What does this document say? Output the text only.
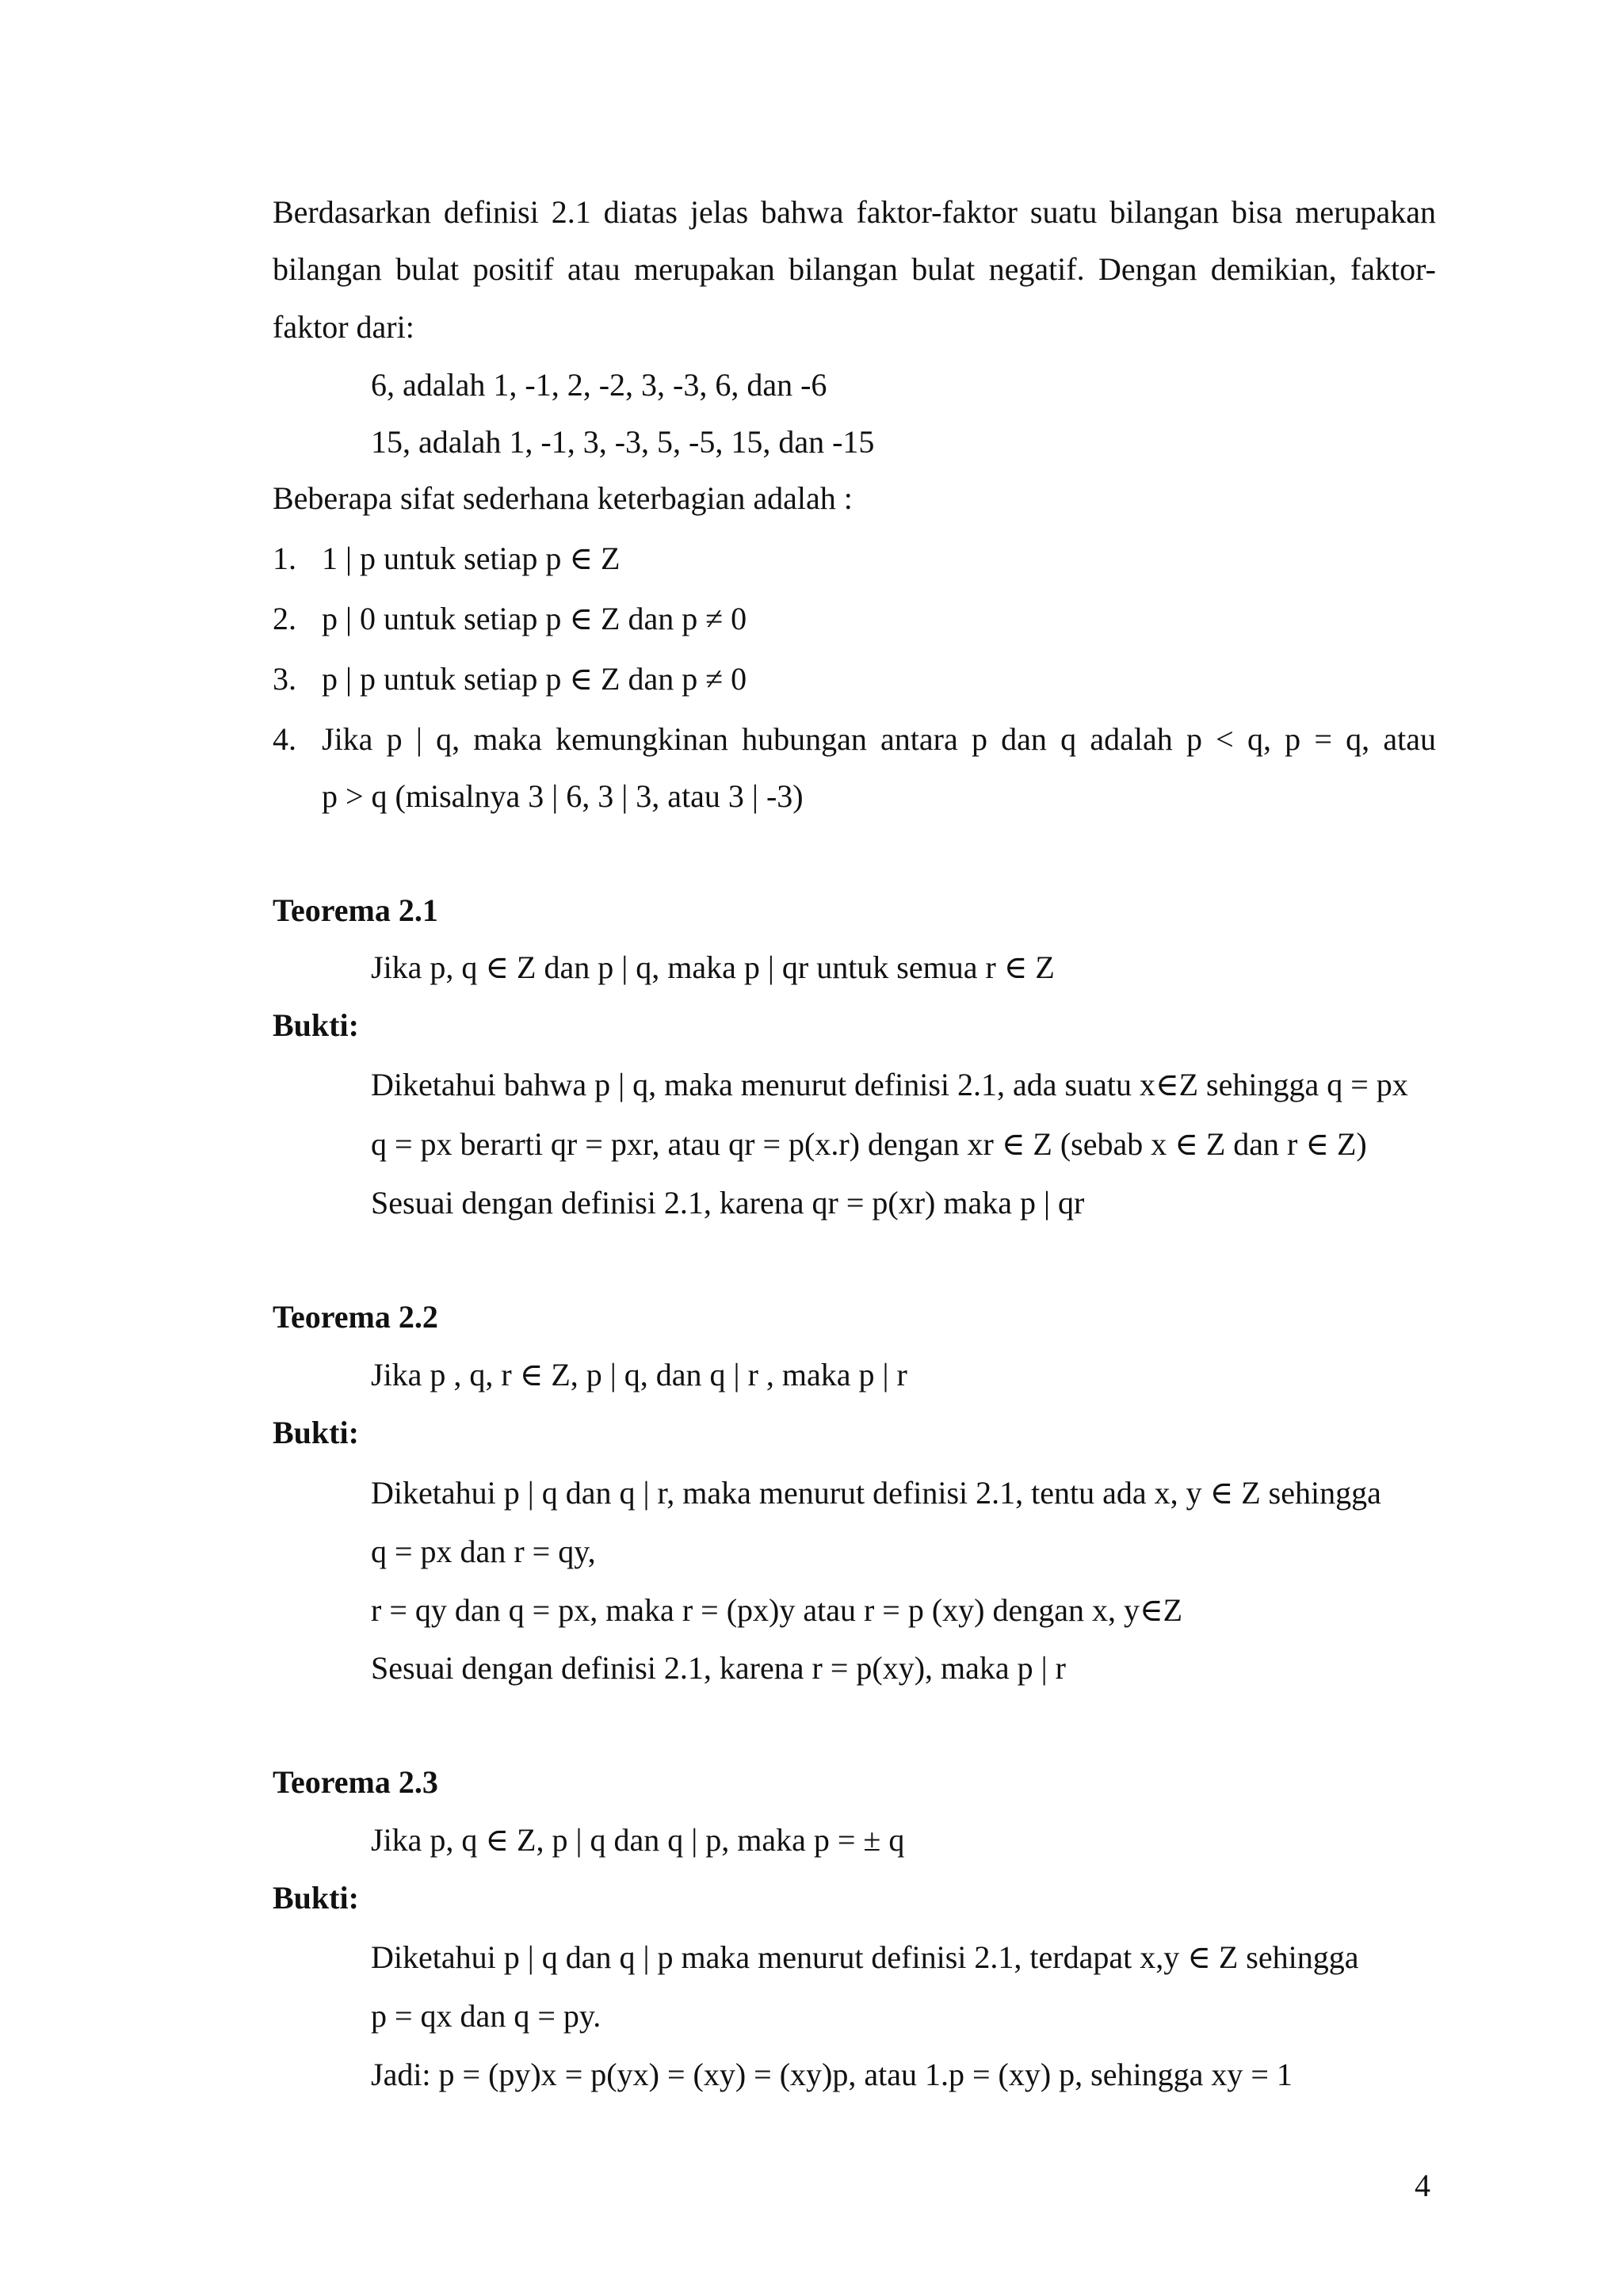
Berdasarkan definisi 2.1 diatas jelas bahwa faktor-faktor suatu bilangan bisa merupakan
bilangan bulat positif atau merupakan bilangan bulat negatif. Dengan demikian, faktor-
faktor dari:
6, adalah 1, -1, 2, -2, 3, -3, 6, dan -6
15, adalah 1, -1, 3, -3, 5, -5, 15, dan -15
Beberapa sifat sederhana keterbagian adalah :
1. 1 | p untuk setiap p ∈ Z
2. p | 0 untuk setiap p ∈ Z dan p ≠ 0
3. p | p untuk setiap p ∈ Z dan p ≠ 0
4. Jika p | q, maka kemungkinan hubungan antara p dan q adalah p < q, p = q, atau
p > q (misalnya 3 | 6, 3 | 3, atau 3 | -3)
Teorema 2.1
Jika p, q ∈ Z dan p | q, maka p | qr untuk semua r ∈ Z
Bukti:
Diketahui bahwa p | q, maka menurut definisi 2.1, ada suatu x∈Z sehingga q = px
q = px berarti qr = pxr, atau qr = p(x.r) dengan xr ∈ Z (sebab x ∈ Z dan r ∈ Z)
Sesuai dengan definisi 2.1, karena qr = p(xr) maka p | qr
Teorema 2.2
Jika p , q, r ∈ Z, p | q, dan q | r , maka p | r
Bukti:
Diketahui p | q dan q | r, maka menurut definisi 2.1, tentu ada x, y ∈ Z sehingga
q = px dan r = qy,
r = qy dan q = px, maka r = (px)y atau r = p (xy) dengan x, y∈Z
Sesuai dengan definisi 2.1, karena r = p(xy), maka p | r
Teorema 2.3
Jika p, q ∈ Z, p | q dan q | p, maka p = ± q
Bukti:
Diketahui p | q dan q | p maka menurut definisi 2.1, terdapat x,y ∈ Z sehingga
p = qx dan q = py.
Jadi: p = (py)x = p(yx) = (xy) = (xy)p, atau 1.p = (xy) p, sehingga xy = 1
4
